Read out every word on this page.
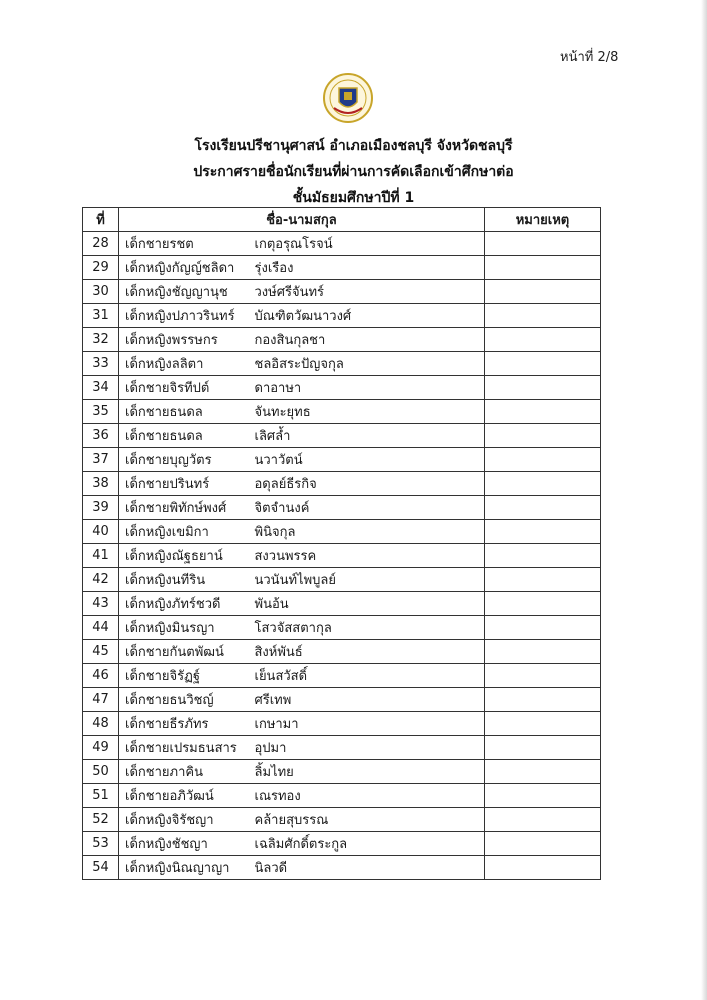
หน้าที่ 2/8
โรงเรียนปรีชานุศาสน์ อำเภอเมืองชลบุรี จังหวัดชลบุรี
ประกาศรายชื่อนักเรียนที่ผ่านการคัดเลือกเข้าศึกษาต่อ
ชั้นมัธยมศึกษาปีที่ 1
ที่	ชื่อ-นามสกุล		หมายเหตุ
28	เด็กชายรชต	เกตุอรุณโรจน์	
29	เด็กหญิงกัญญ์ชลิดา	รุ่งเรือง	
30	เด็กหญิงชัญญานุช	วงษ์ศรีจันทร์	
31	เด็กหญิงปภาวรินทร์	บัณฑิตวัฒนาวงศ์	
32	เด็กหญิงพรรษกร	กองสินกุลชา	
33	เด็กหญิงลลิตา	ชลอิสระปัญจกุล	
34	เด็กชายจิรทีปต์	ดาอาษา	
35	เด็กชายธนดล	จันทะยุทธ	
36	เด็กชายธนดล	เลิศล้ำ	
37	เด็กชายบุญวัตร	นวาวัตน์	
38	เด็กชายปรินทร์	อดุลย์ธีรกิจ	
39	เด็กชายพิทักษ์พงศ์	จิตจำนงค์	
40	เด็กหญิงเขมิกา	พินิจกุล	
41	เด็กหญิงณัฐธยาน์	สงวนพรรค	
42	เด็กหญิงนทีริน	นวนันท์ไพบูลย์	
43	เด็กหญิงภัทร์ชวดี	พันอ้น	
44	เด็กหญิงมินรญา	โสวจัสสตากุล	
45	เด็กชายกันตพัฒน์	สิงห์พันธ์	
46	เด็กชายจิรัฏฐ์	เย็นสวัสดิ์	
47	เด็กชายธนวิชญ์	ศรีเทพ	
48	เด็กชายธีรภัทร	เกษามา	
49	เด็กชายเปรมธนสาร	อุปมา	
50	เด็กชายภาคิน	ลิ้มไทย	
51	เด็กชายอภิวัฒน์	เณรทอง	
52	เด็กหญิงจิรัชญา	คล้ายสุบรรณ	
53	เด็กหญิงชัชญา	เฉลิมศักดิ์ตระกูล	
54	เด็กหญิงนิณญาญา	นิลวดี	
